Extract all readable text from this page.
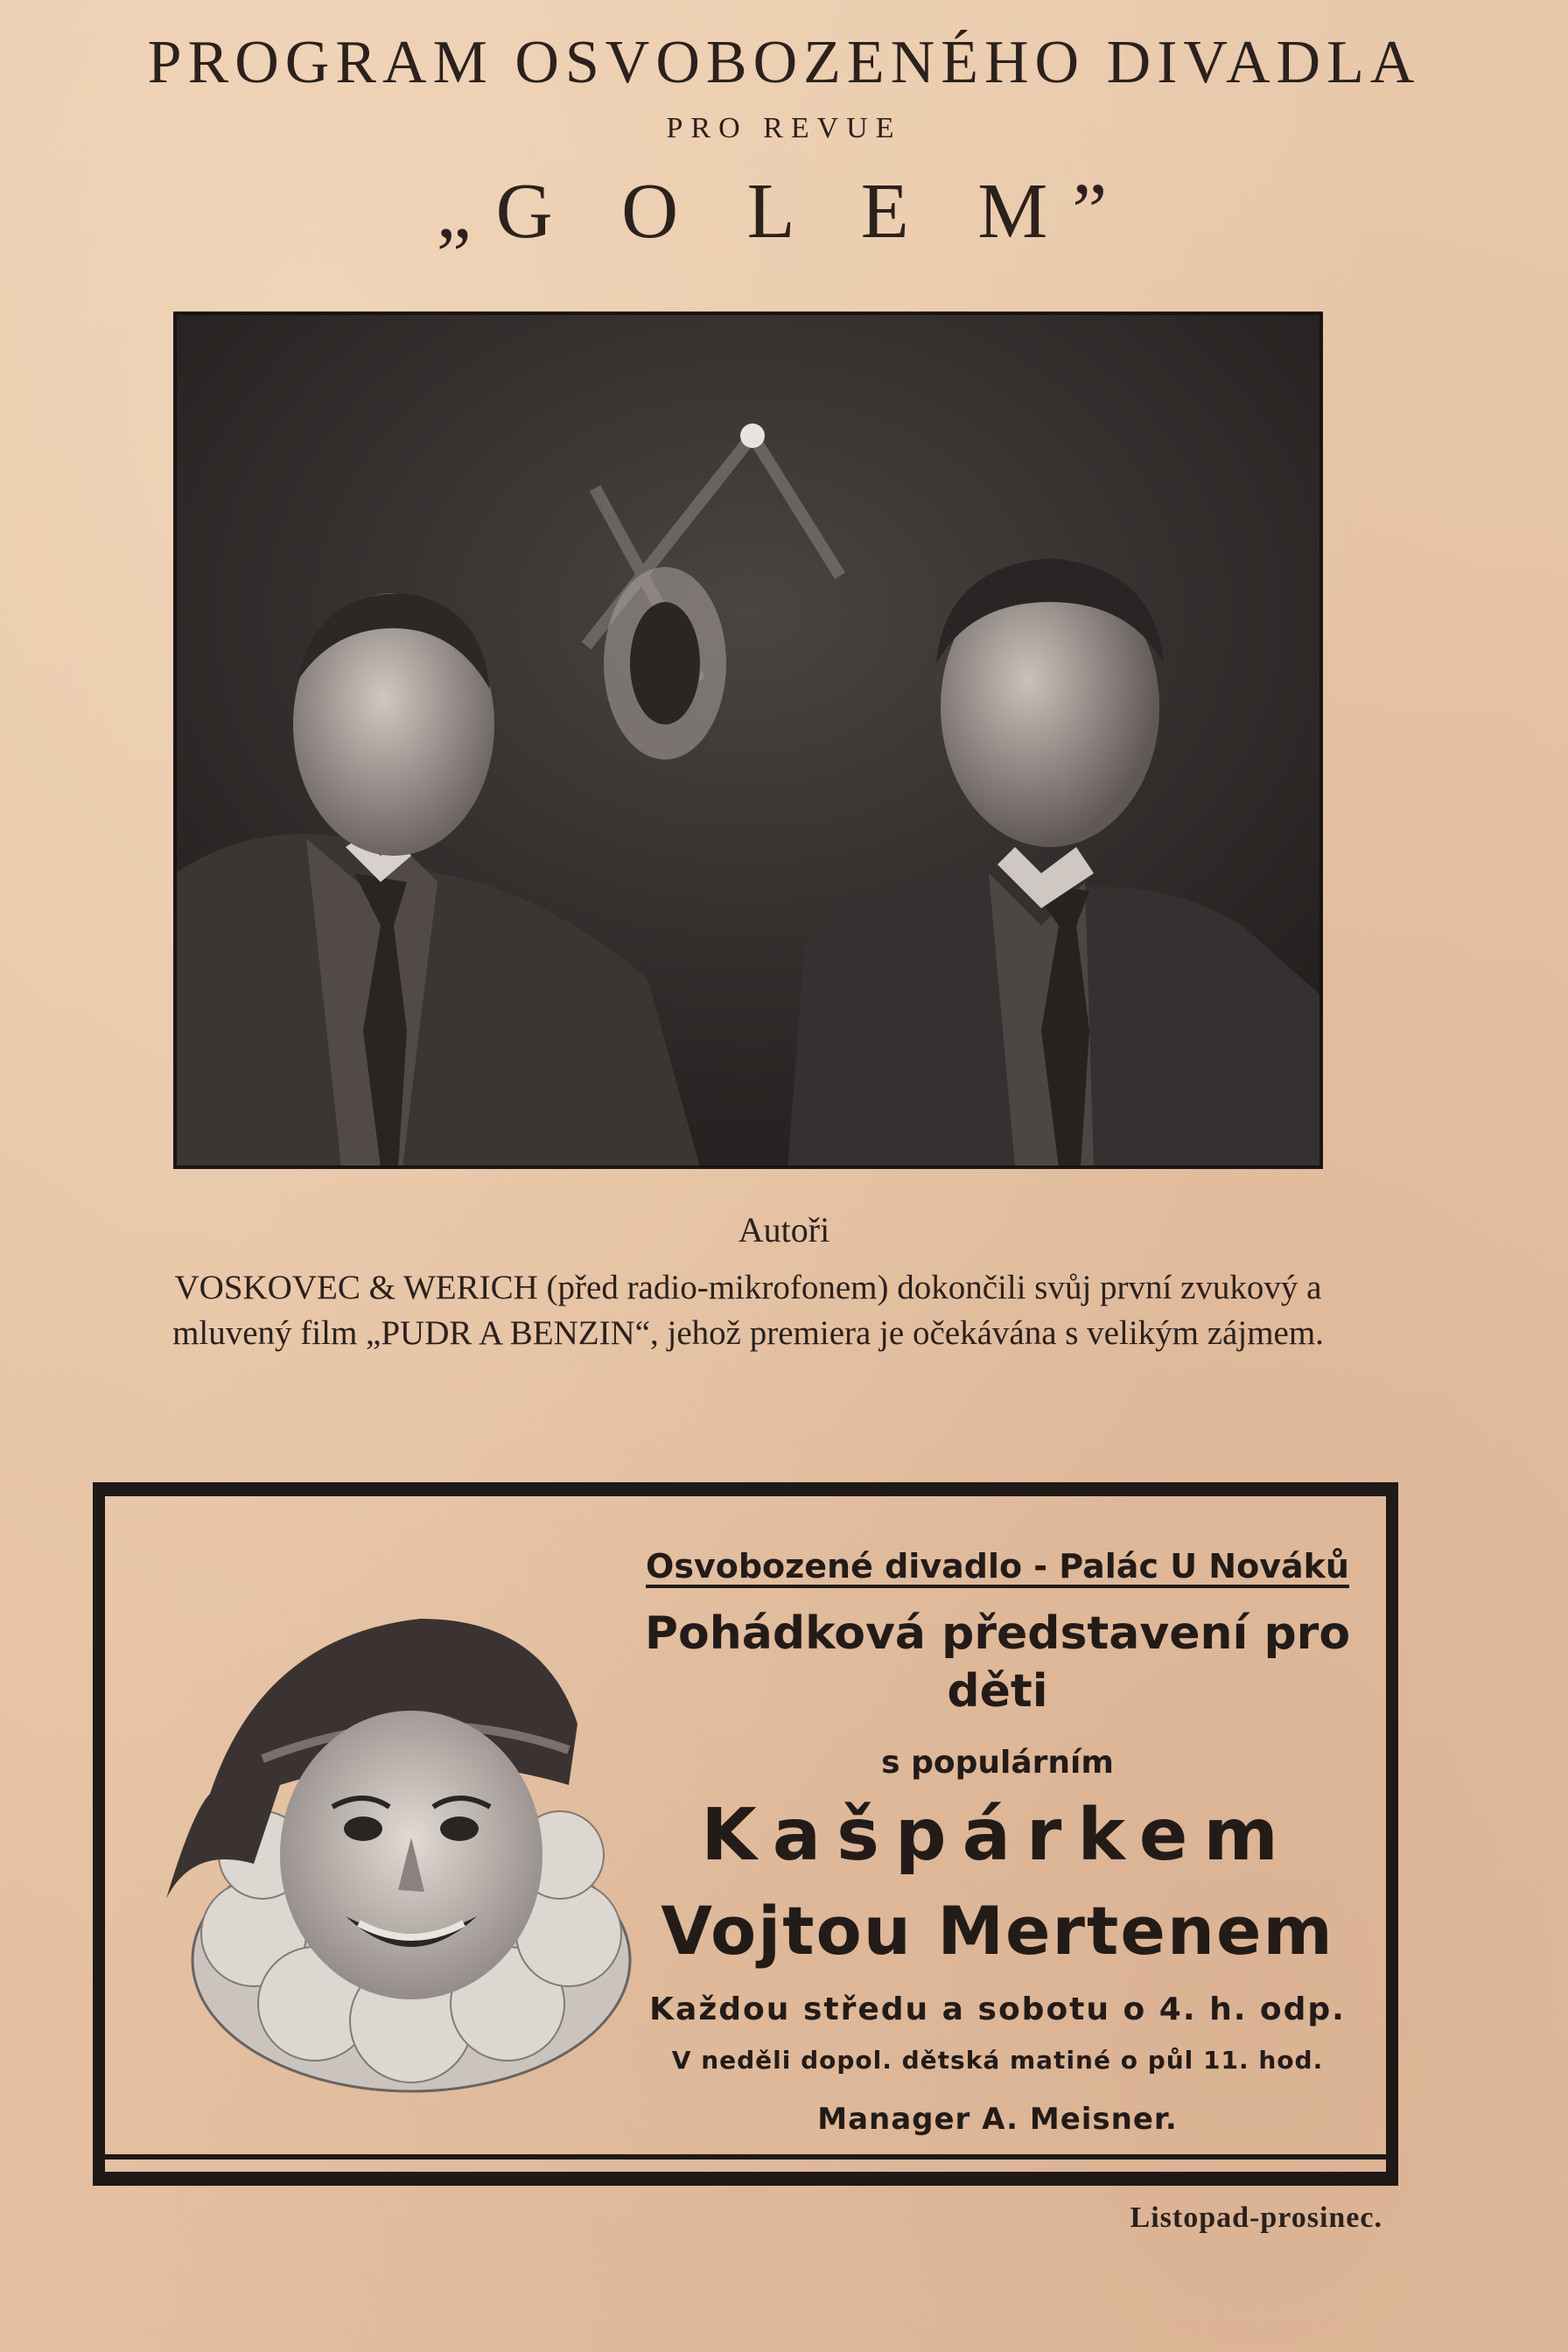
PROGRAM OSVOBOZENÉHO DIVADLA
PRO REVUE
„G O L E M”
Autoři
VOSKOVEC & WERICH (před radio-mikrofonem) dokončili svůj první zvukový a mluvený film „PUDR A BENZIN“, jehož premiera je očekávána s velikým zájmem.
Osvobozené divadlo - Palác U Nováků
Pohádková představení pro děti
s populárním
Kašpárkem
Vojtou Mertenem
Každou středu a sobotu o 4. h. odp.
V neděli dopol. dětská matiné o půl 11. hod.
Manager A. Meisner.
Listopad-prosinec.
